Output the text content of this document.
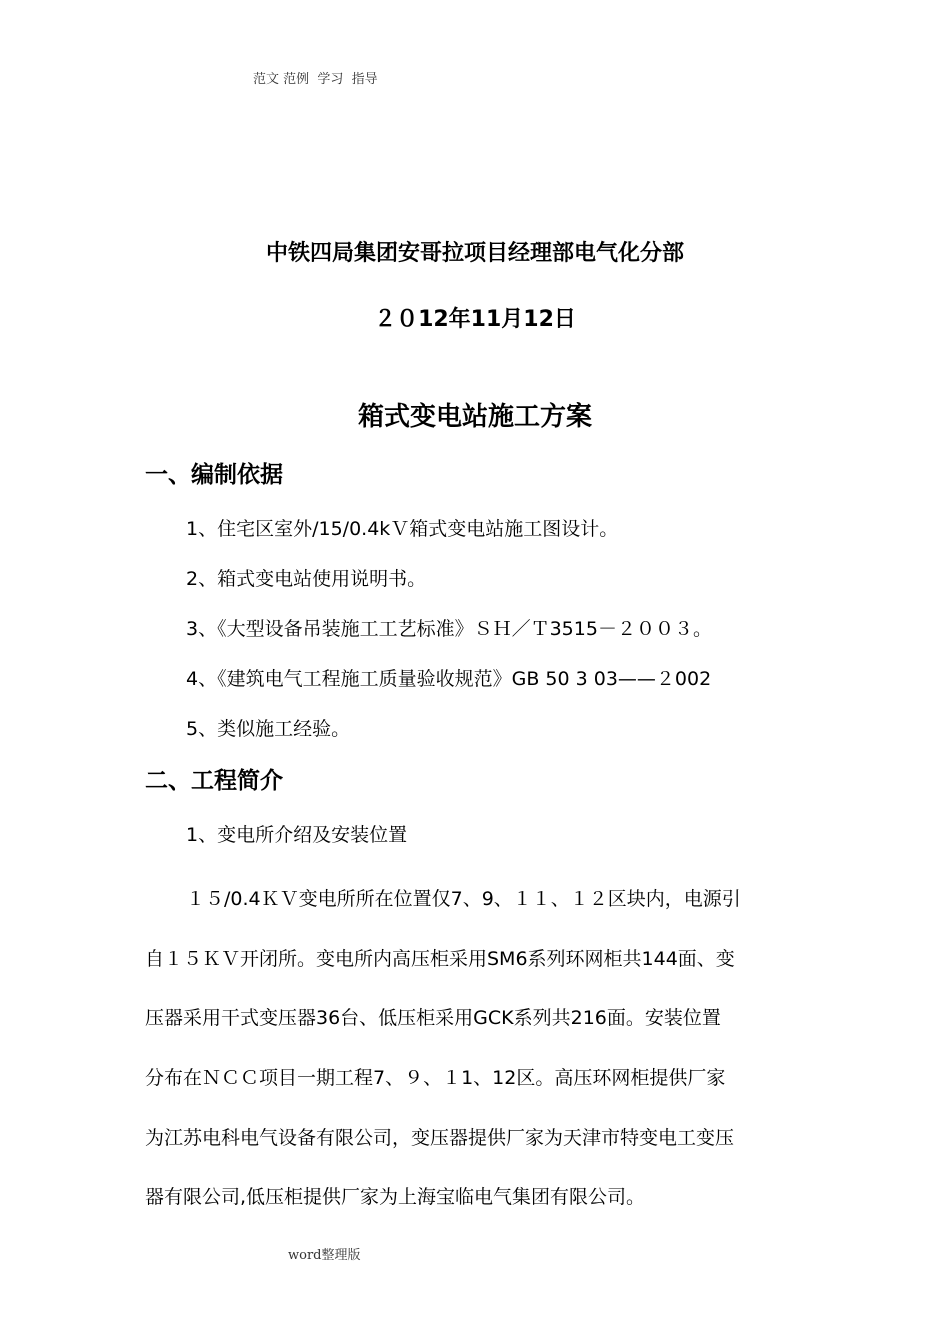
范文 范例  学习  指导
中铁四局集团安哥拉项目经理部电气化分部
２０12年11月12日
箱式变电站施工方案
一、编制依据
1、住宅区室外/15/0.4kＶ箱式变电站施工图设计。
2、箱式变电站使用说明书。
3、《大型设备吊装施工工艺标准》ＳＨ／Ｔ3515－２００３。
4、《建筑电气工程施工质量验收规范》GB 50 3 03——２002
5、类似施工经验。
二、工程简介
1、变电所介绍及安装位置
１５/0.4ＫＶ变电所所在位置仅7、9、１１、１２区块内，电源引
自１５ＫＶ开闭所。变电所内高压柜采用SM6系列环网柜共144面、变
压器采用干式变压器36台、低压柜采用GCK系列共216面。安装位置
分布在ＮＣＣ项目一期工程7、９、１1、12区。高压环网柜提供厂家
为江苏电科电气设备有限公司，变压器提供厂家为天津市特变电工变压
器有限公司,低压柜提供厂家为上海宝临电气集团有限公司。
word整理版
